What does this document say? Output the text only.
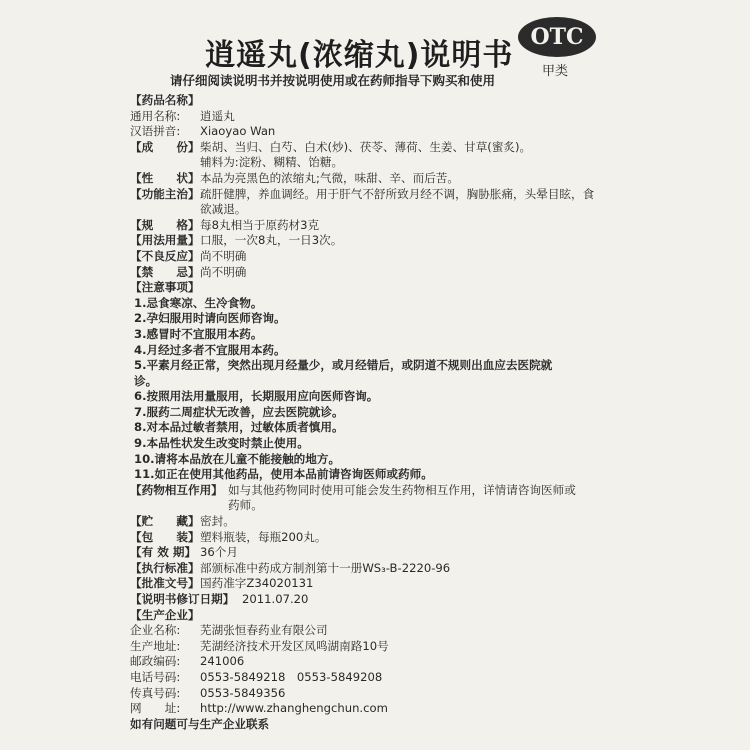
逍遥丸(浓缩丸)说明书
OTC
甲类
请仔细阅读说明书并按说明使用或在药师指导下购买和使用
【药品名称】
通用名称:	逍遥丸
汉语拼音:	Xiaoyao Wan
【成　　份】 柴胡、当归、白芍、白术(炒)、茯苓、薄荷、生姜、甘草(蜜炙)。
辅料为:淀粉、糊精、饴糖。
【性　　状】 本品为亮黑色的浓缩丸;气微，味甜、辛、而后苦。
【功能主治】 疏肝健脾，养血调经。用于肝气不舒所致月经不调，胸胁胀痛，头晕目眩，食欲减退。
【规　　格】 每8丸相当于原药材3克
【用法用量】 口服，一次8丸，一日3次。
【不良反应】 尚不明确
【禁　　忌】 尚不明确
【注意事项】
1.忌食寒凉、生冷食物。
2.孕妇服用时请向医师咨询。
3.感冒时不宜服用本药。
4.月经过多者不宜服用本药。
5.平素月经正常，突然出现月经量少，或月经错后，或阴道不规则出血应去医院就诊。
6.按照用法用量服用，长期服用应向医师咨询。
7.服药二周症状无改善，应去医院就诊。
8.对本品过敏者禁用，过敏体质者慎用。
9.本品性状发生改变时禁止使用。
10.请将本品放在儿童不能接触的地方。
11.如正在使用其他药品，使用本品前请咨询医师或药师。
【药物相互作用】 如与其他药物同时使用可能会发生药物相互作用，详情请咨询医师或药师。
【贮　　藏】 密封。
【包　　装】 塑料瓶装，每瓶200丸。
【有 效 期】 36个月
【执行标准】 部颁标准中药成方制剂第十一册WS₃-B-2220-96
【批准文号】 国药准字Z34020131
【说明书修订日期】 2011.07.20
【生产企业】
企业名称:	芜湖张恒春药业有限公司
生产地址:	芜湖经济技术开发区凤鸣湖南路10号
邮政编码:	241006
电话号码:	0553-5849218　0553-5849208
传真号码:	0553-5849356
网　　址:	http://www.zhanghengchun.com
如有问题可与生产企业联系
